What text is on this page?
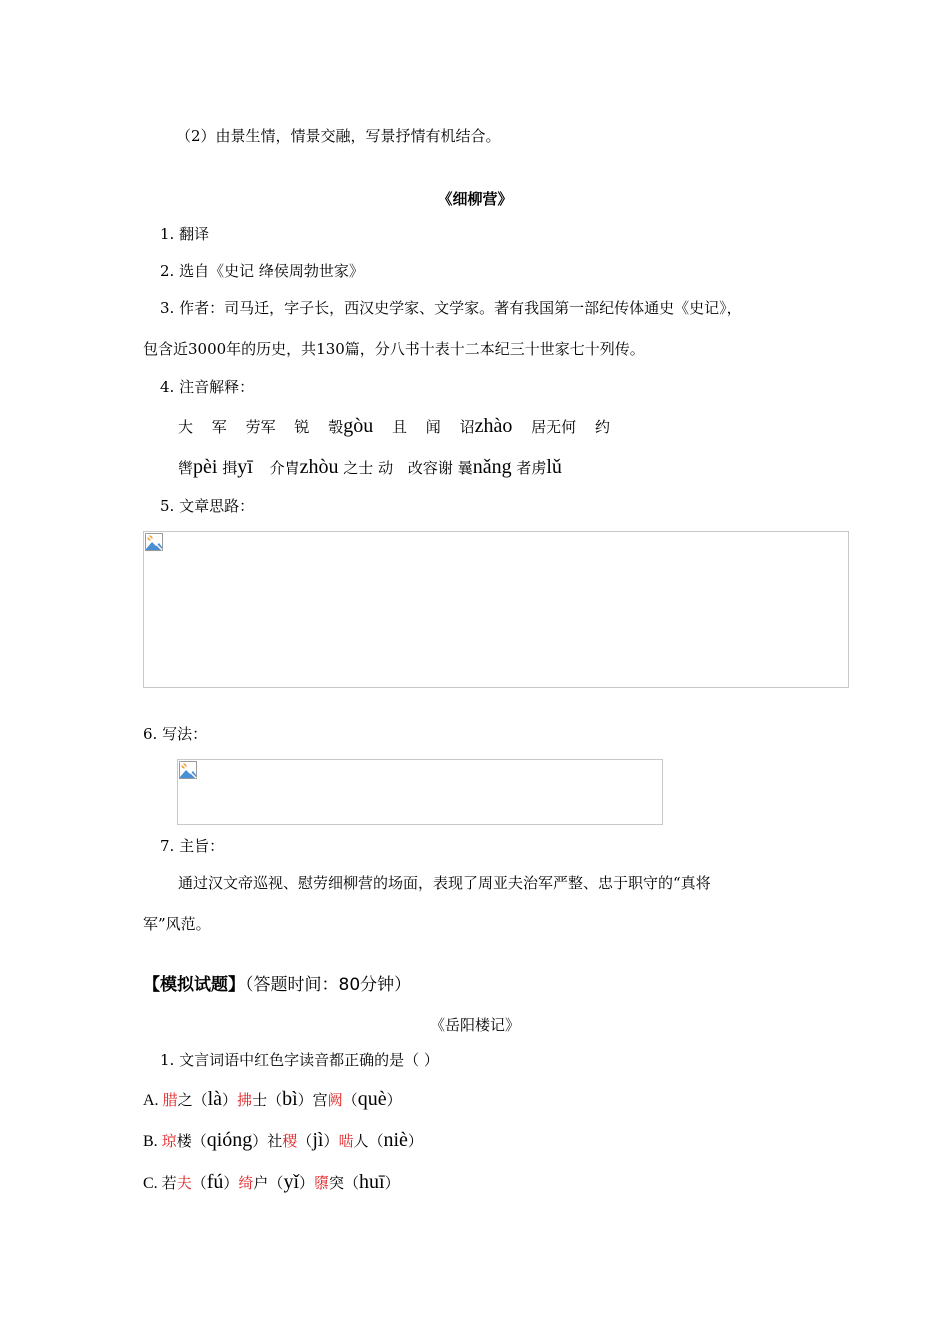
（2）由景生情，情景交融，写景抒情有机结合。
《细柳营》
1. 翻译
2. 选自《史记 绛侯周勃世家》
3. 作者：司马迁，字子长，西汉史学家、文学家。著有我国第一部纪传体通史《史记》，
包含近3000年的历史，共130篇，分八书十表十二本纪三十世家七十列传。
4. 注音解释：
大 军 劳军 锐 彀gòu 且 闻 诏zhào 居无何 约
辔pèi 揖yī 介胄zhòu 之士 动 改容谢 曩nǎng 者虏lǔ
5. 文章思路：
6. 写法：
7. 主旨：
通过汉文帝巡视、慰劳细柳营的场面，表现了周亚夫治军严整、忠于职守的“真将
军”风范。
【模拟试题】（答题时间：80分钟）
《岳阳楼记》
1. 文言词语中红色字读音都正确的是（ ）
A. 腊之（là）拂士（bì）宫阙（què）
B. 琼楼（qióng）社稷（jì）啮人（niè）
C. 若夫（fú）绮户（yǐ）隳突（huī）
